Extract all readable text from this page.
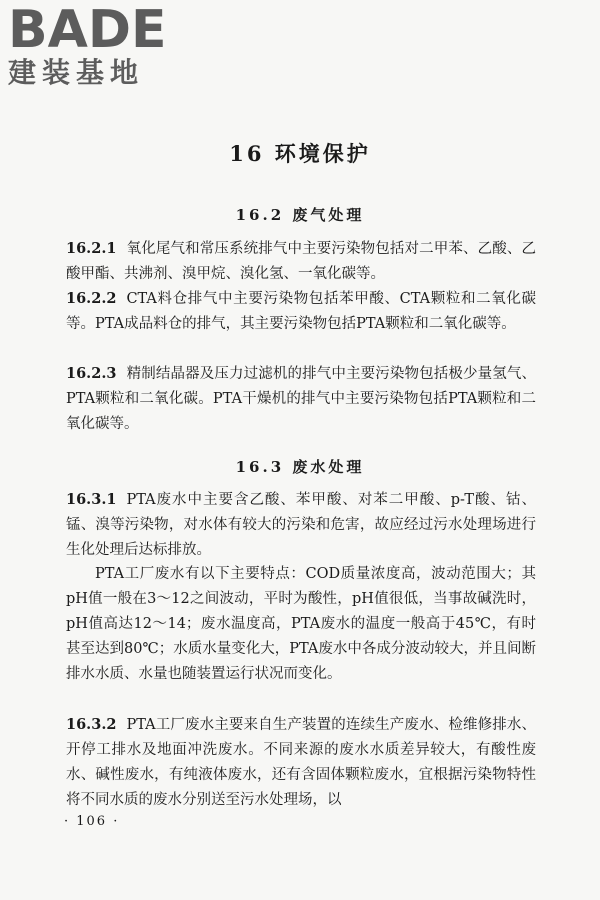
BADE
建装基地
16 环境保护
16.2 废气处理
16.2.1 氧化尾气和常压系统排气中主要污染物包括对二甲苯、乙酸、乙酸甲酯、共沸剂、溴甲烷、溴化氢、一氧化碳等。
16.2.2 CTA料仓排气中主要污染物包括苯甲酸、CTA颗粒和二氧化碳等。PTA成品料仓的排气，其主要污染物包括PTA颗粒和二氧化碳等。
16.2.3 精制结晶器及压力过滤机的排气中主要污染物包括极少量氢气、PTA颗粒和二氧化碳。PTA干燥机的排气中主要污染物包括PTA颗粒和二氧化碳等。
16.3 废水处理
16.3.1 PTA废水中主要含乙酸、苯甲酸、对苯二甲酸、p-T酸、钴、锰、溴等污染物，对水体有较大的污染和危害，故应经过污水处理场进行生化处理后达标排放。
PTA工厂废水有以下主要特点：COD质量浓度高，波动范围大；其pH值一般在3～12之间波动，平时为酸性，pH值很低，当事故碱洗时，pH值高达12～14；废水温度高，PTA废水的温度一般高于45℃，有时甚至达到80℃；水质水量变化大，PTA废水中各成分波动较大，并且间断排水水质、水量也随装置运行状况而变化。
16.3.2 PTA工厂废水主要来自生产装置的连续生产废水、检维修排水、开停工排水及地面冲洗废水。不同来源的废水水质差异较大，有酸性废水、碱性废水，有纯液体废水，还有含固体颗粒废水，宜根据污染物特性将不同水质的废水分别送至污水处理场，以
· 106 ·
